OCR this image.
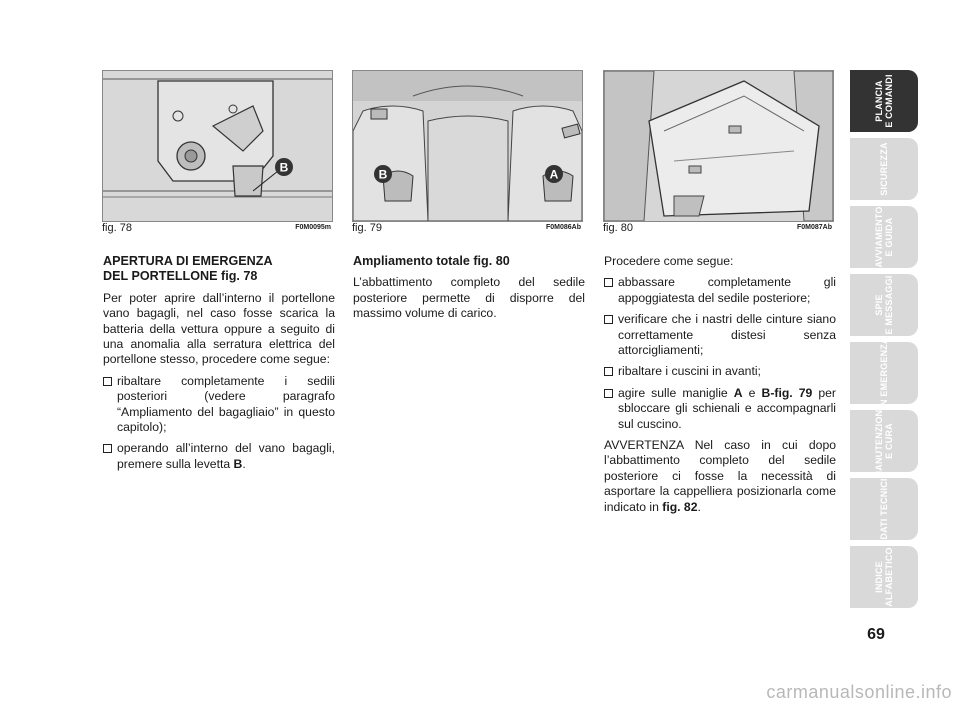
B
fig. 78	F0M0095m
B	A
fig. 79	F0M086Ab fig. 80	F0M087Ab
APERTURA DI EMERGENZA
DEL PORTELLONE fig. 78

Per poter aprire dall’interno il portellone vano bagagli, nel caso fosse scarica la batteria della vettura oppure a seguito di una anomalia alla serratura elettrica del portellone stesso, procedere come segue:

ribaltare completamente i sedili posteriori (vedere paragrafo “Ampliamento del bagagliaio” in questo capitolo);
operando all’interno del vano bagagli, premere sulla levetta B.
Ampliamento totale fig. 80

L’abbattimento completo del sedile posteriore permette di disporre del massimo volume di carico.

Procedere come segue:

abbassare completamente gli appoggiatesta del sedile posteriore;
verificare che i nastri delle cinture siano correttamente distesi senza attorcigliamenti;
ribaltare i cuscini in avanti;
agire sulle maniglie A e B-fig. 79 per sbloccare gli schienali e accompagnarli sul cuscino.

AVVERTENZA Nel caso in cui dopo l’abbattimento completo del sedile posteriore ci fosse la necessità di asportare la cappelliera posizionarla come indicato in fig. 82.

PLANCIA
E COMANDI
SICUREZZA
AVVIAMENTO
E GUIDA
SPIE
E MESSAGGI
IN EMERGENZA
MANUTENZIONE
E CURA
DATI TECNICI
INDICE
ALFABETICO
69
carmanualsonline.info
